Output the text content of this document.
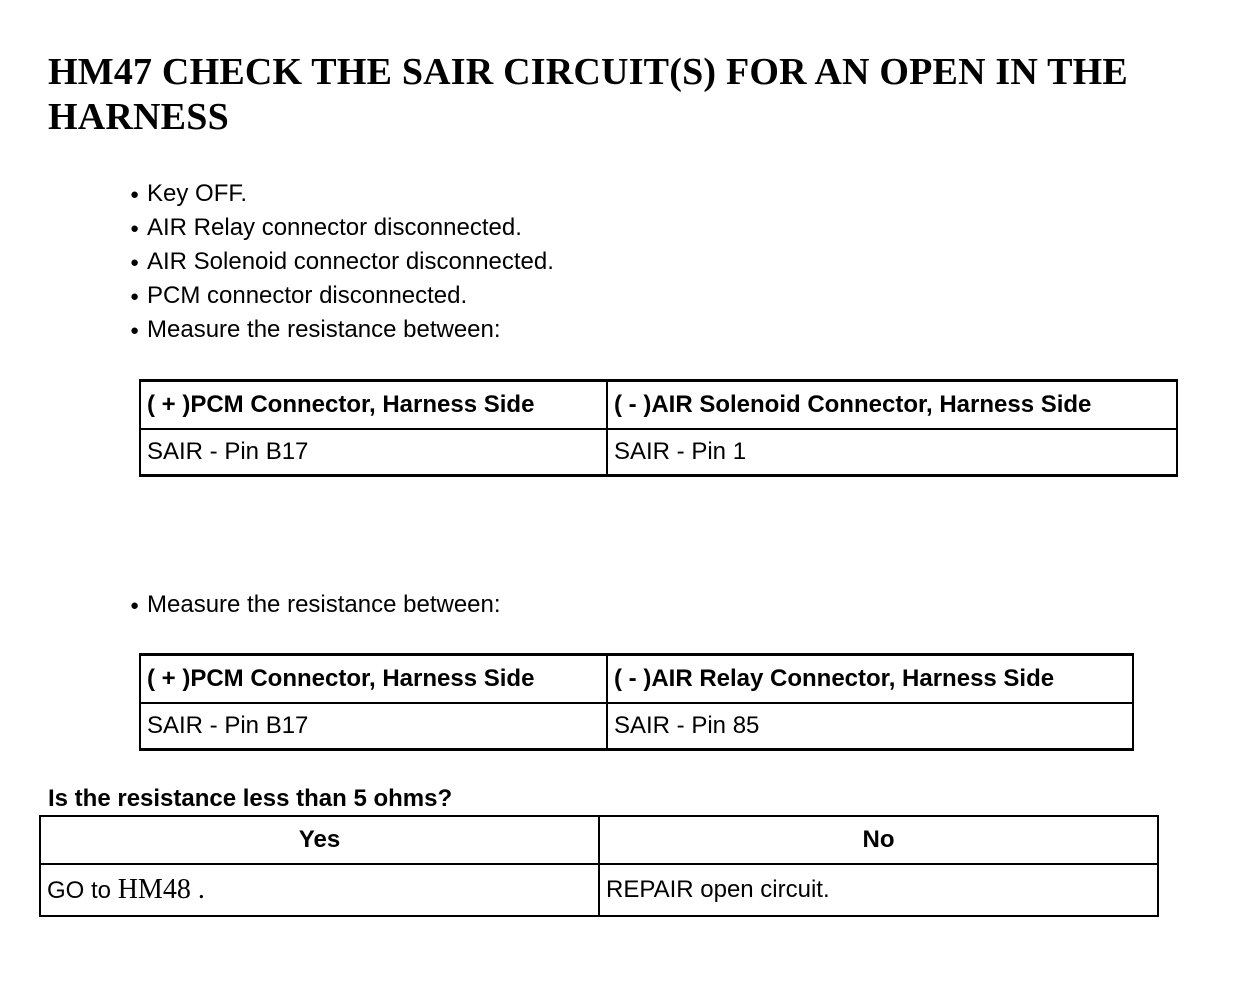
HM47 CHECK THE SAIR CIRCUIT(S) FOR AN OPEN IN THE HARNESS
● Key OFF.
● AIR Relay connector disconnected.
● AIR Solenoid connector disconnected.
● PCM connector disconnected.
● Measure the resistance between:
( + )PCM Connector, Harness Side	( - )AIR Solenoid Connector, Harness Side
SAIR - Pin B17	SAIR - Pin 1
● Measure the resistance between:
( + )PCM Connector, Harness Side	( - )AIR Relay Connector, Harness Side
SAIR - Pin B17	SAIR - Pin 85

Is the resistance less than 5 ohms?

Yes	No
GO to HM48 .	REPAIR open circuit.
